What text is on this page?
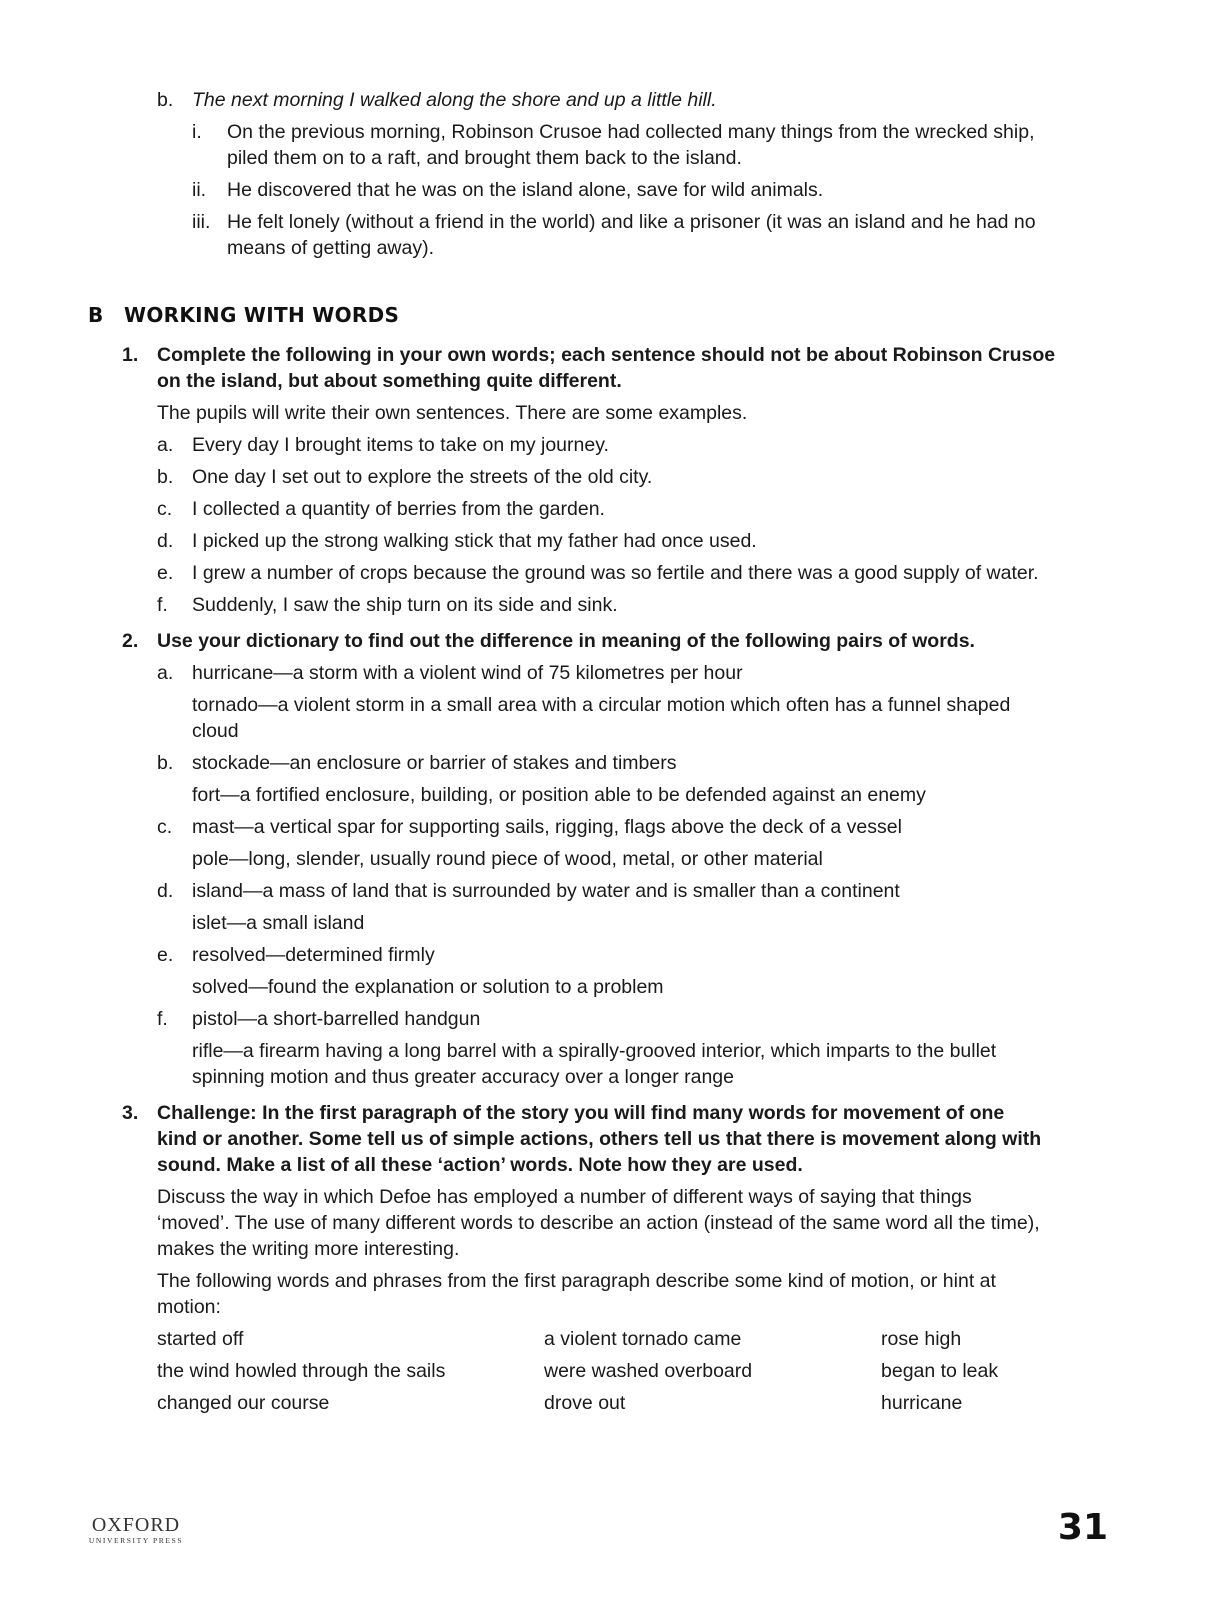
b. The next morning I walked along the shore and up a little hill.
i. On the previous morning, Robinson Crusoe had collected many things from the wrecked ship,
piled them on to a raft, and brought them back to the island.
ii. He discovered that he was on the island alone, save for wild animals.
iii. He felt lonely (without a friend in the world) and like a prisoner (it was an island and he had no
means of getting away).
B WORKING WITH WORDS
1. Complete the following in your own words; each sentence should not be about Robinson Crusoe
on the island, but about something quite different.
The pupils will write their own sentences. There are some examples.
a. Every day I brought items to take on my journey.
b. One day I set out to explore the streets of the old city.
c. I collected a quantity of berries from the garden.
d. I picked up the strong walking stick that my father had once used.
e. I grew a number of crops because the ground was so fertile and there was a good supply of water.
f. Suddenly, I saw the ship turn on its side and sink.
2. Use your dictionary to find out the difference in meaning of the following pairs of words.
a. hurricane—a storm with a violent wind of 75 kilometres per hour
tornado—a violent storm in a small area with a circular motion which often has a funnel shaped
cloud
b. stockade—an enclosure or barrier of stakes and timbers
fort—a fortified enclosure, building, or position able to be defended against an enemy
c. mast—a vertical spar for supporting sails, rigging, flags above the deck of a vessel
pole—long, slender, usually round piece of wood, metal, or other material
d. island—a mass of land that is surrounded by water and is smaller than a continent
islet—a small island
e. resolved—determined firmly
solved—found the explanation or solution to a problem
f. pistol—a short-barrelled handgun
rifle—a firearm having a long barrel with a spirally-grooved interior, which imparts to the bullet
spinning motion and thus greater accuracy over a longer range
3. Challenge: In the first paragraph of the story you will find many words for movement of one
kind or another. Some tell us of simple actions, others tell us that there is movement along with
sound. Make a list of all these ‘action’ words. Note how they are used.
Discuss the way in which Defoe has employed a number of different ways of saying that things
‘moved’. The use of many different words to describe an action (instead of the same word all the time),
makes the writing more interesting.
The following words and phrases from the first paragraph describe some kind of motion, or hint at
motion:
started off	a violent tornado came	rose high
the wind howled through the sails	were washed overboard	began to leak
changed our course	drove out	hurricane
OXFORD
UNIVERSITY PRESS	31
